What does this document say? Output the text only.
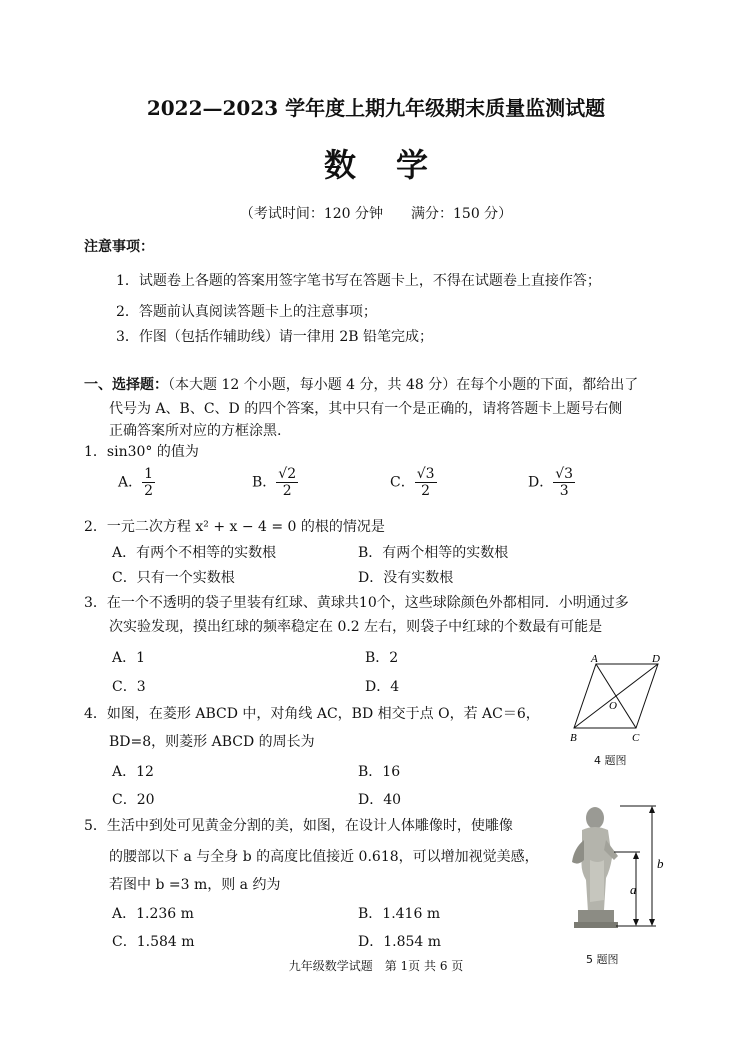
2022—2023 学年度上期九年级期末质量监测试题
数学
（考试时间：120 分钟　　满分：150 分）
注意事项：
1．试题卷上各题的答案用签字笔书写在答题卡上，不得在试题卷上直接作答；
2．答题前认真阅读答题卡上的注意事项；
3．作图（包括作辅助线）请一律用 2B 铅笔完成；
一、选择题：（本大题 12 个小题，每小题 4 分，共 48 分）在每个小题的下面，都给出了
代号为 A、B、C、D 的四个答案，其中只有一个是正确的，请将答题卡上题号右侧
正确答案所对应的方框涂黑.
1．sin30° 的值为
A． $\frac{1}{2}$	B． $\frac{√2}{2}$	C． $\frac{√3}{2}$	D． $\frac{√3}{3}$
2．一元二次方程 x² + x − 4 = 0 的根的情况是
A．有两个不相等的实数根	B．有两个相等的实数根
C．只有一个实数根	D．没有实数根
3．在一个不透明的袋子里装有红球、黄球共10个，这些球除颜色外都相同．小明通过多
次实验发现，摸出红球的频率稳定在 0.2 左右，则袋子中红球的个数最有可能是
A．1	B．2
C．3	D．4
A	D
B	C
O
4 题图
4．如图，在菱形 ABCD 中，对角线 AC，BD 相交于点 O，若 AC＝6，
BD=8，则菱形 ABCD 的周长为
A．12	B．16
C．20	D．40
a
b
5 题图
5．生活中到处可见黄金分割的美，如图，在设计人体雕像时，使雕像
的腰部以下 a 与全身 b 的高度比值接近 0.618，可以增加视觉美感，
若图中 b =3 m，则 a 约为
A．1.236 m	B．1.416 m
C．1.584 m	D．1.854 m
九年级数学试题　第 1页 共 6 页
